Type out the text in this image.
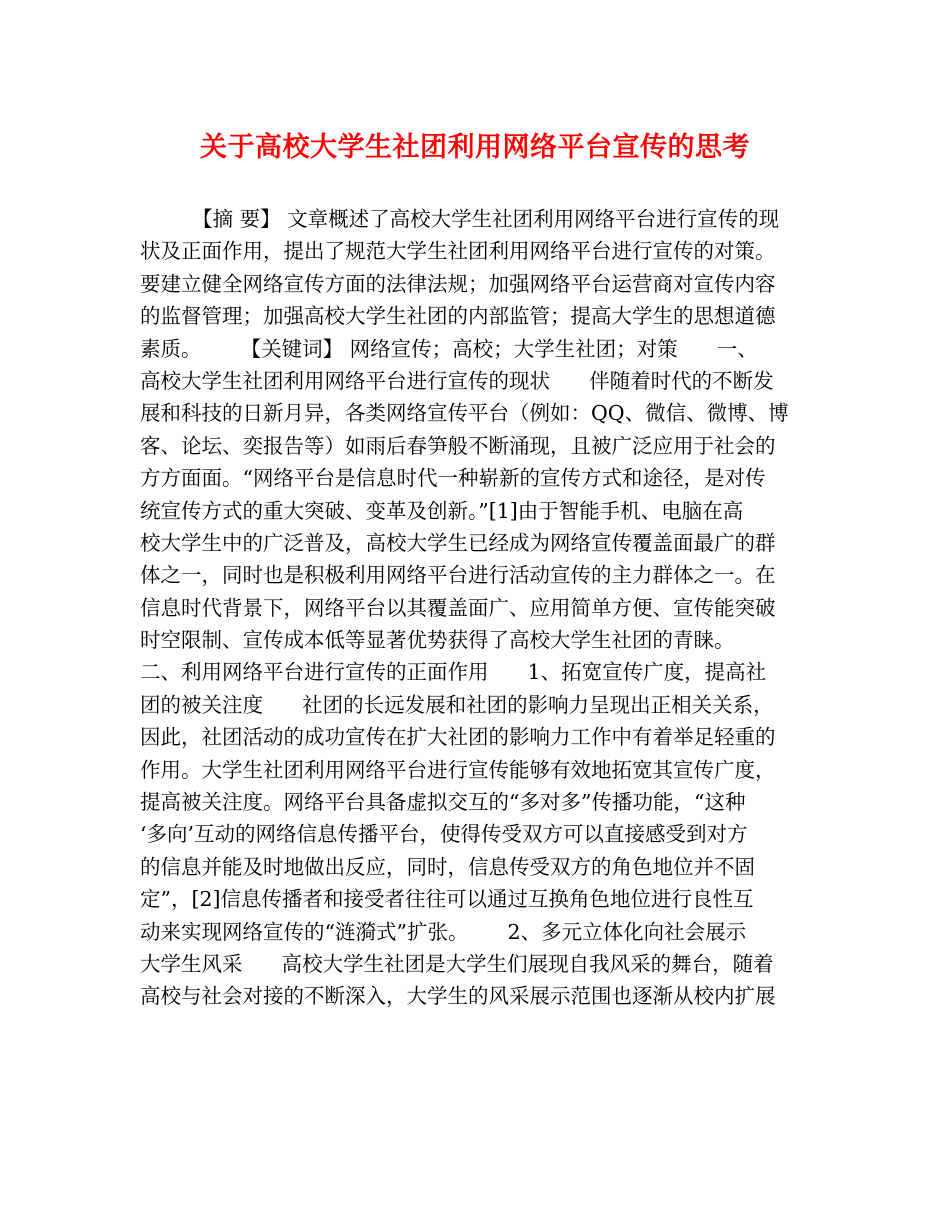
关于高校大学生社团利用网络平台宣传的思考
【摘 要】 文章概述了高校大学生社团利用网络平台进行宣传的现
状及正面作用，提出了规范大学生社团利用网络平台进行宣传的对策。
要建立健全网络宣传方面的法律法规；加强网络平台运营商对宣传内容
的监督管理；加强高校大学生社团的内部监管；提高大学生的思想道德
素质。      【关键词】 网络宣传；高校；大学生社团；对策      一、
高校大学生社团利用网络平台进行宣传的现状      伴随着时代的不断发
展和科技的日新月异，各类网络宣传平台（例如：QQ、微信、微博、博
客、论坛、奕报告等）如雨后春笋般不断涌现，且被广泛应用于社会的
方方面面。“网络平台是信息时代一种崭新的宣传方式和途径，是对传
统宣传方式的重大突破、变革及创新。”[1]由于智能手机、电脑在高
校大学生中的广泛普及，高校大学生已经成为网络宣传覆盖面最广的群
体之一，同时也是积极利用网络平台进行活动宣传的主力群体之一。在
信息时代背景下，网络平台以其覆盖面广、应用简单方便、宣传能突破
时空限制、宣传成本低等显著优势获得了高校大学生社团的青睐。
二、利用网络平台进行宣传的正面作用      1、拓宽宣传广度，提高社
团的被关注度      社团的长远发展和社团的影响力呈现出正相关关系，
因此，社团活动的成功宣传在扩大社团的影响力工作中有着举足轻重的
作用。大学生社团利用网络平台进行宣传能够有效地拓宽其宣传广度，
提高被关注度。网络平台具备虚拟交互的“多对多”传播功能，“这种
‘多向’互动的网络信息传播平台，使得传受双方可以直接感受到对方
的信息并能及时地做出反应，同时，信息传受双方的角色地位并不固
定”，[2]信息传播者和接受者往往可以通过互换角色地位进行良性互
动来实现网络宣传的“涟漪式”扩张。      2、多元立体化向社会展示
大学生风采      高校大学生社团是大学生们展现自我风采的舞台，随着
高校与社会对接的不断深入，大学生的风采展示范围也逐渐从校内扩展
